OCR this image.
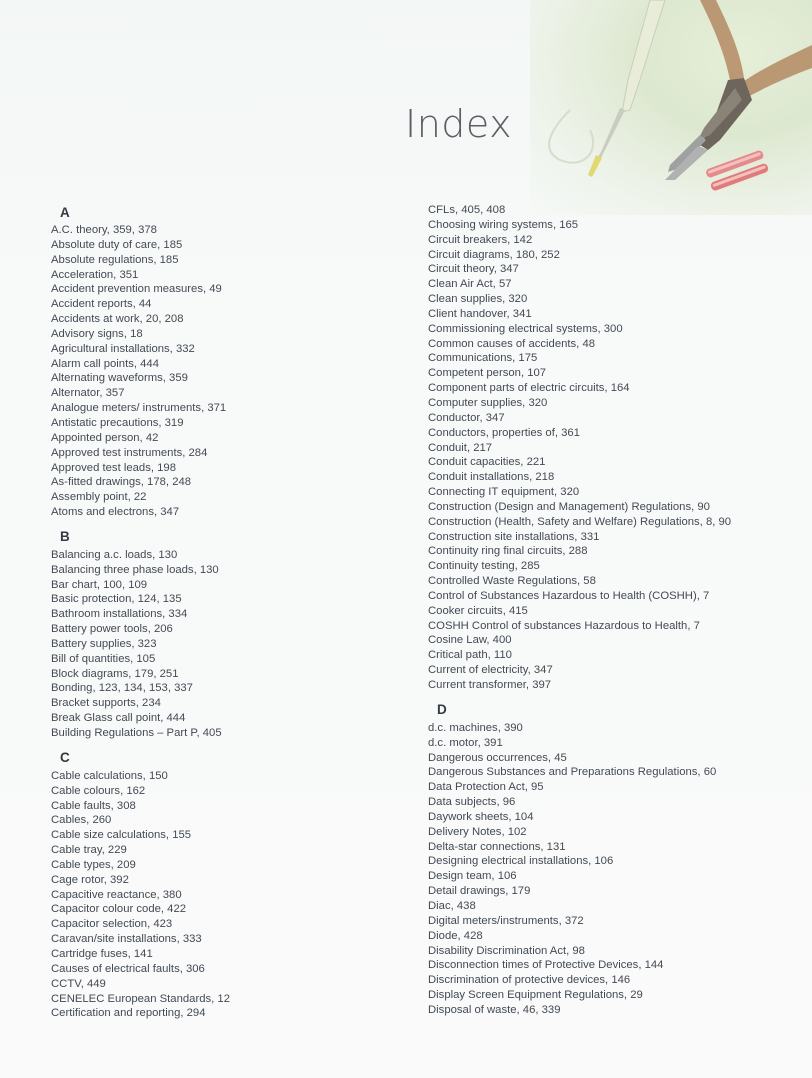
Index
A
A.C. theory, 359, 378
Absolute duty of care, 185
Absolute regulations, 185
Acceleration, 351
Accident prevention measures, 49
Accident reports, 44
Accidents at work, 20, 208
Advisory signs, 18
Agricultural installations, 332
Alarm call points, 444
Alternating waveforms, 359
Alternator, 357
Analogue meters/ instruments, 371
Antistatic precautions, 319
Appointed person, 42
Approved test instruments, 284
Approved test leads, 198
As-fitted drawings, 178, 248
Assembly point, 22
Atoms and electrons, 347
B
Balancing a.c. loads, 130
Balancing three phase loads, 130
Bar chart, 100, 109
Basic protection, 124, 135
Bathroom installations, 334
Battery power tools, 206
Battery supplies, 323
Bill of quantities, 105
Block diagrams, 179, 251
Bonding, 123, 134, 153, 337
Bracket supports, 234
Break Glass call point, 444
Building Regulations – Part P, 405
C
Cable calculations, 150
Cable colours, 162
Cable faults, 308
Cables, 260
Cable size calculations, 155
Cable tray, 229
Cable types, 209
Cage rotor, 392
Capacitive reactance, 380
Capacitor colour code, 422
Capacitor selection, 423
Caravan/site installations, 333
Cartridge fuses, 141
Causes of electrical faults, 306
CCTV, 449
CENELEC European Standards, 12
Certification and reporting, 294
CFLs, 405, 408
Choosing wiring systems, 165
Circuit breakers, 142
Circuit diagrams, 180, 252
Circuit theory, 347
Clean Air Act, 57
Clean supplies, 320
Client handover, 341
Commissioning electrical systems, 300
Common causes of accidents, 48
Communications, 175
Competent person, 107
Component parts of electric circuits, 164
Computer supplies, 320
Conductor, 347
Conductors, properties of, 361
Conduit, 217
Conduit capacities, 221
Conduit installations, 218
Connecting IT equipment, 320
Construction (Design and Management) Regulations, 90
Construction (Health, Safety and Welfare) Regulations, 8, 90
Construction site installations, 331
Continuity ring final circuits, 288
Continuity testing, 285
Controlled Waste Regulations, 58
Control of Substances Hazardous to Health (COSHH), 7
Cooker circuits, 415
COSHH Control of substances Hazardous to Health, 7
Cosine Law, 400
Critical path, 110
Current of electricity, 347
Current transformer, 397
D
d.c. machines, 390
d.c. motor, 391
Dangerous occurrences, 45
Dangerous Substances and Preparations Regulations, 60
Data Protection Act, 95
Data subjects, 96
Daywork sheets, 104
Delivery Notes, 102
Delta-star connections, 131
Designing electrical installations, 106
Design team, 106
Detail drawings, 179
Diac, 438
Digital meters/instruments, 372
Diode, 428
Disability Discrimination Act, 98
Disconnection times of Protective Devices, 144
Discrimination of protective devices, 146
Display Screen Equipment Regulations, 29
Disposal of waste, 46, 339
